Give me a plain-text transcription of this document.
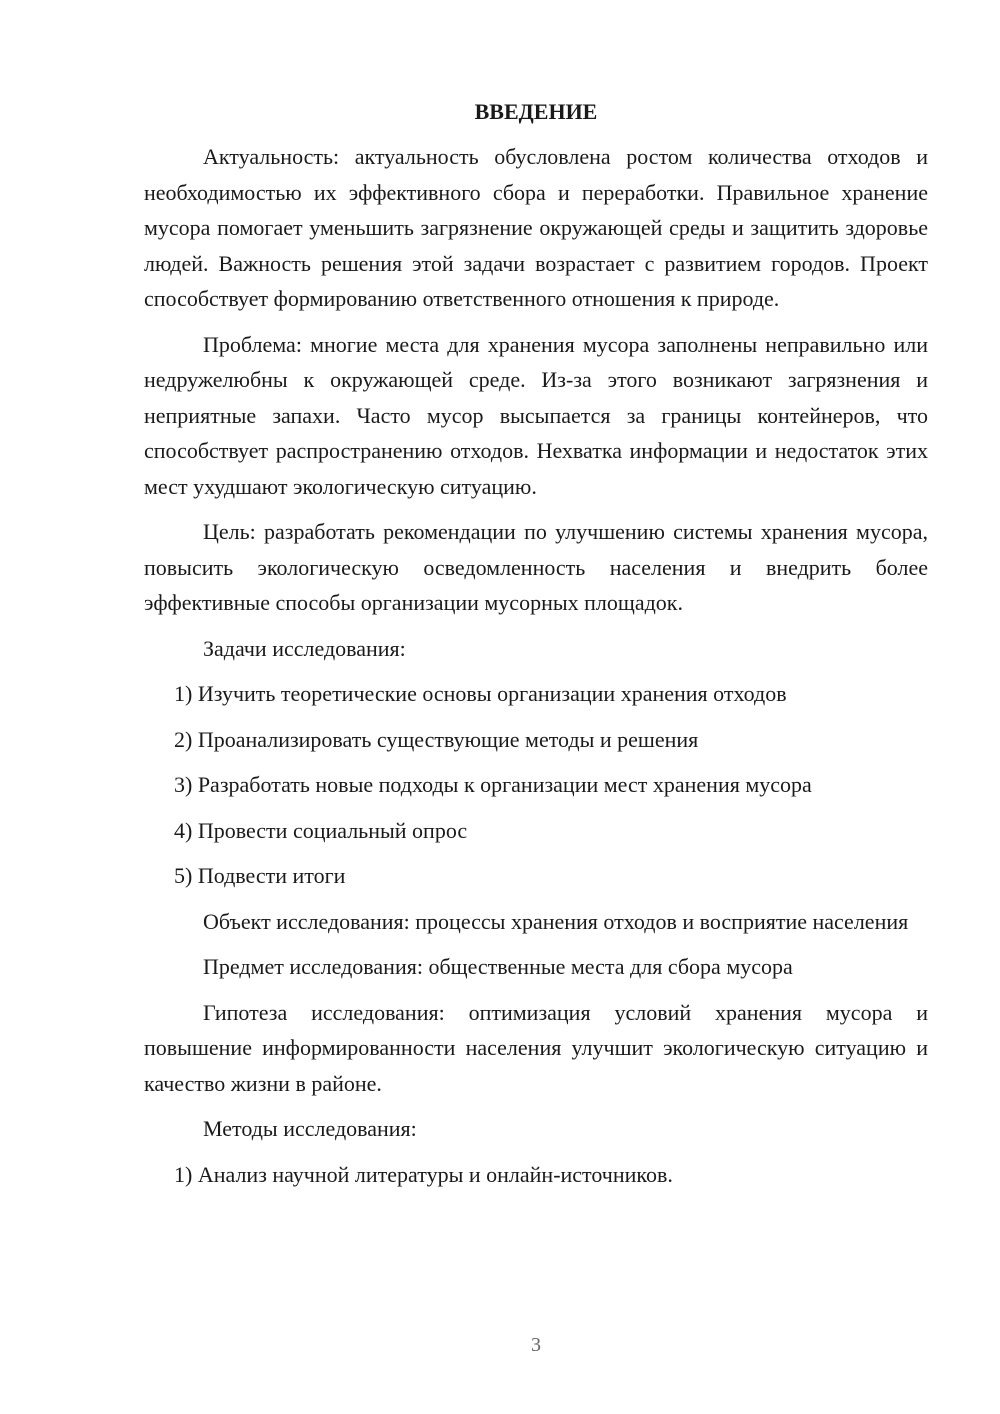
ВВЕДЕНИЕ
Актуальность: актуальность обусловлена ростом количества отходов и необходимостью их эффективного сбора и переработки. Правильное хранение мусора помогает уменьшить загрязнение окружающей среды и защитить здоровье людей. Важность решения этой задачи возрастает с развитием городов. Проект способствует формированию ответственного отношения к природе.
Проблема: многие места для хранения мусора заполнены неправильно или недружелюбны к окружающей среде. Из-за этого возникают загрязнения и неприятные запахи. Часто мусор высыпается за границы контейнеров, что способствует распространению отходов. Нехватка информации и недостаток этих мест ухудшают экологическую ситуацию.
Цель: разработать рекомендации по улучшению системы хранения мусора, повысить экологическую осведомленность населения и внедрить более эффективные способы организации мусорных площадок.
Задачи исследования:
1) Изучить теоретические основы организации хранения отходов
2) Проанализировать существующие методы и решения
3) Разработать новые подходы к организации мест хранения мусора
4) Провести социальный опрос
5) Подвести итоги
Объект исследования: процессы хранения отходов и восприятие населения
Предмет исследования: общественные места для сбора мусора
Гипотеза исследования: оптимизация условий хранения мусора и повышение информированности населения улучшит экологическую ситуацию и качество жизни в районе.
Методы исследования:
1) Анализ научной литературы и онлайн-источников.
3
